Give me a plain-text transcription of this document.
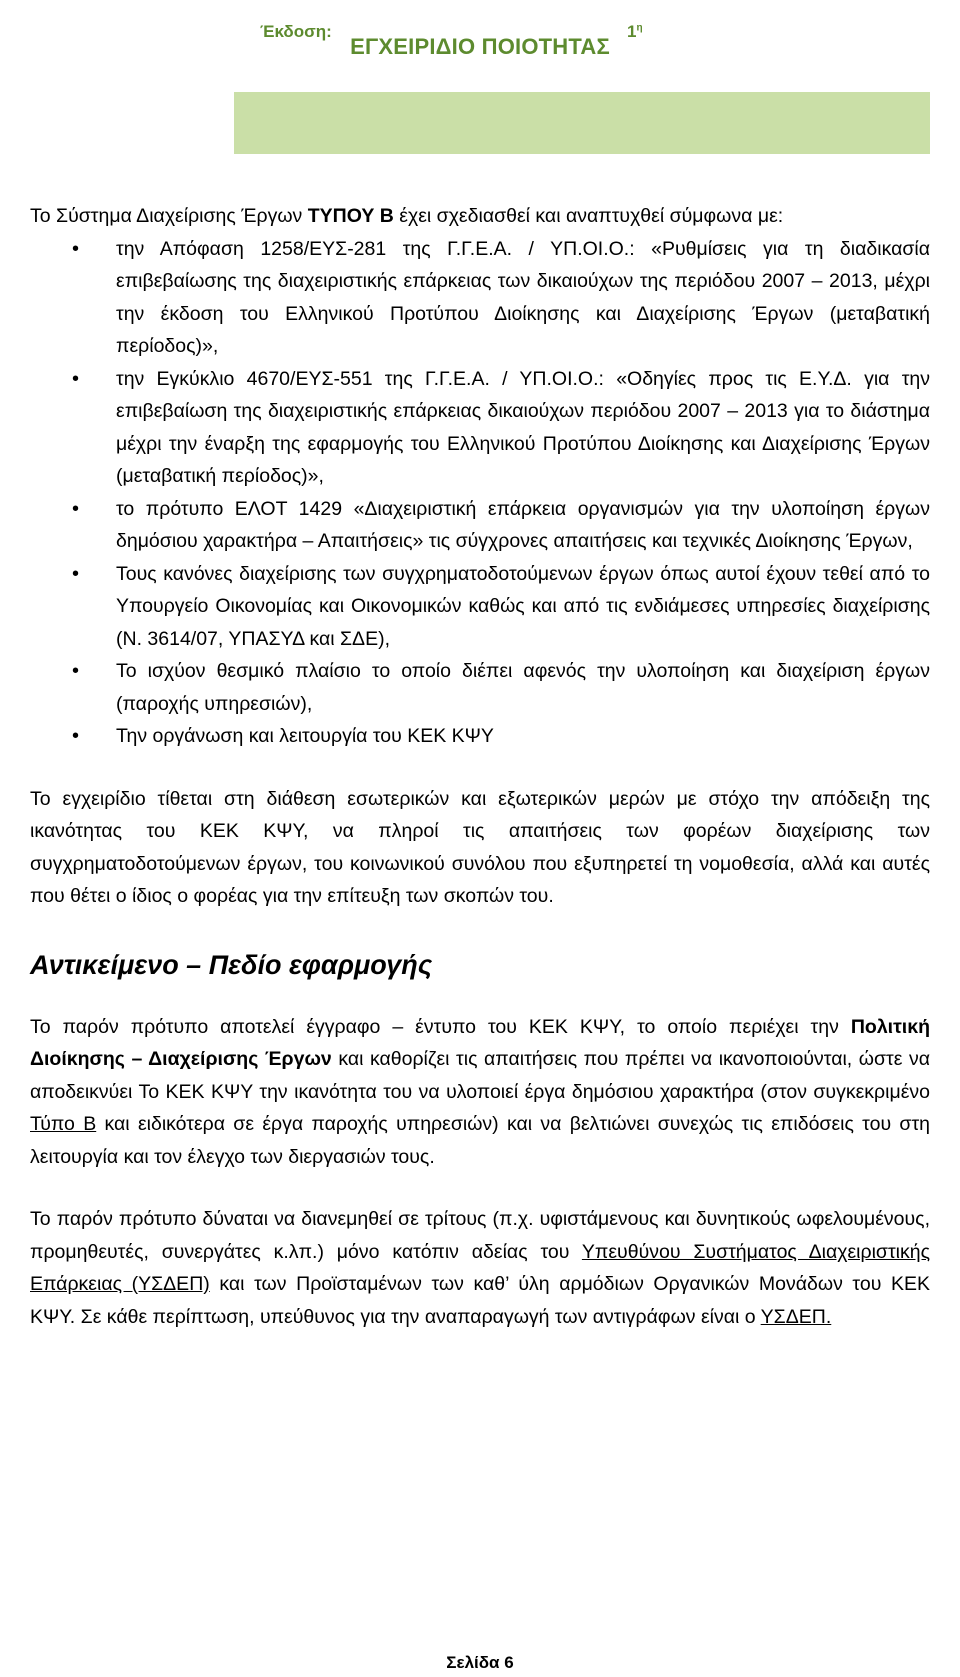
ΕΓΧΕΙΡΙΔΙΟ ΠΟΙΟΤΗΤΑΣ
Έκδοση:	$1^\eta$

Το Σύστημα Διαχείρισης Έργων ΤΥΠΟΥ Β έχει σχεδιασθεί και αναπτυχθεί σύμφωνα με:

• την Απόφαση 1258/ΕΥΣ-281 της Γ.Γ.Ε.Α. / ΥΠ.ΟΙ.Ο.: «Ρυθμίσεις για τη διαδικασία επιβεβαίωσης της διαχειριστικής επάρκειας των δικαιούχων της περιόδου 2007 – 2013, μέχρι την έκδοση του Ελληνικού Προτύπου Διοίκησης και Διαχείρισης Έργων (μεταβατική περίοδος)»,
• την Εγκύκλιο 4670/ΕΥΣ-551 της Γ.Γ.Ε.Α. / ΥΠ.ΟΙ.Ο.: «Οδηγίες προς τις Ε.Υ.Δ. για την επιβεβαίωση της διαχειριστικής επάρκειας δικαιούχων περιόδου 2007 – 2013 για το διάστημα μέχρι την έναρξη της εφαρμογής του Ελληνικού Προτύπου Διοίκησης και Διαχείρισης Έργων (μεταβατική περίοδος)»,
• το πρότυπο ΕΛΟΤ 1429 «Διαχειριστική επάρκεια οργανισμών για την υλοποίηση έργων δημόσιου χαρακτήρα – Απαιτήσεις» τις σύγχρονες απαιτήσεις και τεχνικές Διοίκησης Έργων,
• Τους κανόνες διαχείρισης των συγχρηματοδοτούμενων έργων όπως αυτοί έχουν τεθεί από το Υπουργείο Οικονομίας και Οικονομικών καθώς και από τις ενδιάμεσες υπηρεσίες διαχείρισης (Ν. 3614/07, ΥΠΑΣΥΔ και ΣΔΕ),
• Το ισχύον θεσμικό πλαίσιο το οποίο διέπει αφενός την υλοποίηση και διαχείριση έργων (παροχής υπηρεσιών),
• Την οργάνωση και λειτουργία του ΚΕΚ ΚΨΥ

Το εγχειρίδιο τίθεται στη διάθεση εσωτερικών και εξωτερικών μερών με στόχο την απόδειξη της ικανότητας του ΚΕΚ ΚΨΥ, να πληροί τις απαιτήσεις των φορέων διαχείρισης των συγχρηματοδοτούμενων έργων, του κοινωνικού συνόλου που εξυπηρετεί τη νομοθεσία, αλλά και αυτές που θέτει ο ίδιος ο φορέας για την επίτευξη των σκοπών του.

Αντικείμενο – Πεδίο εφαρμογής

Το παρόν πρότυπο αποτελεί έγγραφο – έντυπο του ΚΕΚ ΚΨΥ, το οποίο περιέχει την Πολιτική Διοίκησης – Διαχείρισης Έργων και καθορίζει τις απαιτήσεις που πρέπει να ικανοποιούνται, ώστε να αποδεικνύει Το ΚΕΚ ΚΨΥ την ικανότητα του να υλοποιεί έργα δημόσιου χαρακτήρα (στον συγκεκριμένο Τύπο Β και ειδικότερα σε έργα παροχής υπηρεσιών) και να βελτιώνει συνεχώς τις επιδόσεις του στη λειτουργία και τον έλεγχο των διεργασιών τους.

Το παρόν πρότυπο δύναται να διανεμηθεί σε τρίτους (π.χ. υφιστάμενους και δυνητικούς ωφελουμένους, προμηθευτές, συνεργάτες κ.λπ.) μόνο κατόπιν αδείας του Υπευθύνου Συστήματος Διαχειριστικής Επάρκειας (ΥΣΔΕΠ) και των Προϊσταμένων των καθ’ ύλη αρμόδιων Οργανικών Μονάδων του ΚΕΚ ΚΨΥ. Σε κάθε περίπτωση, υπεύθυνος για την αναπαραγωγή των αντιγράφων είναι ο ΥΣΔΕΠ.

Σελίδα 6
